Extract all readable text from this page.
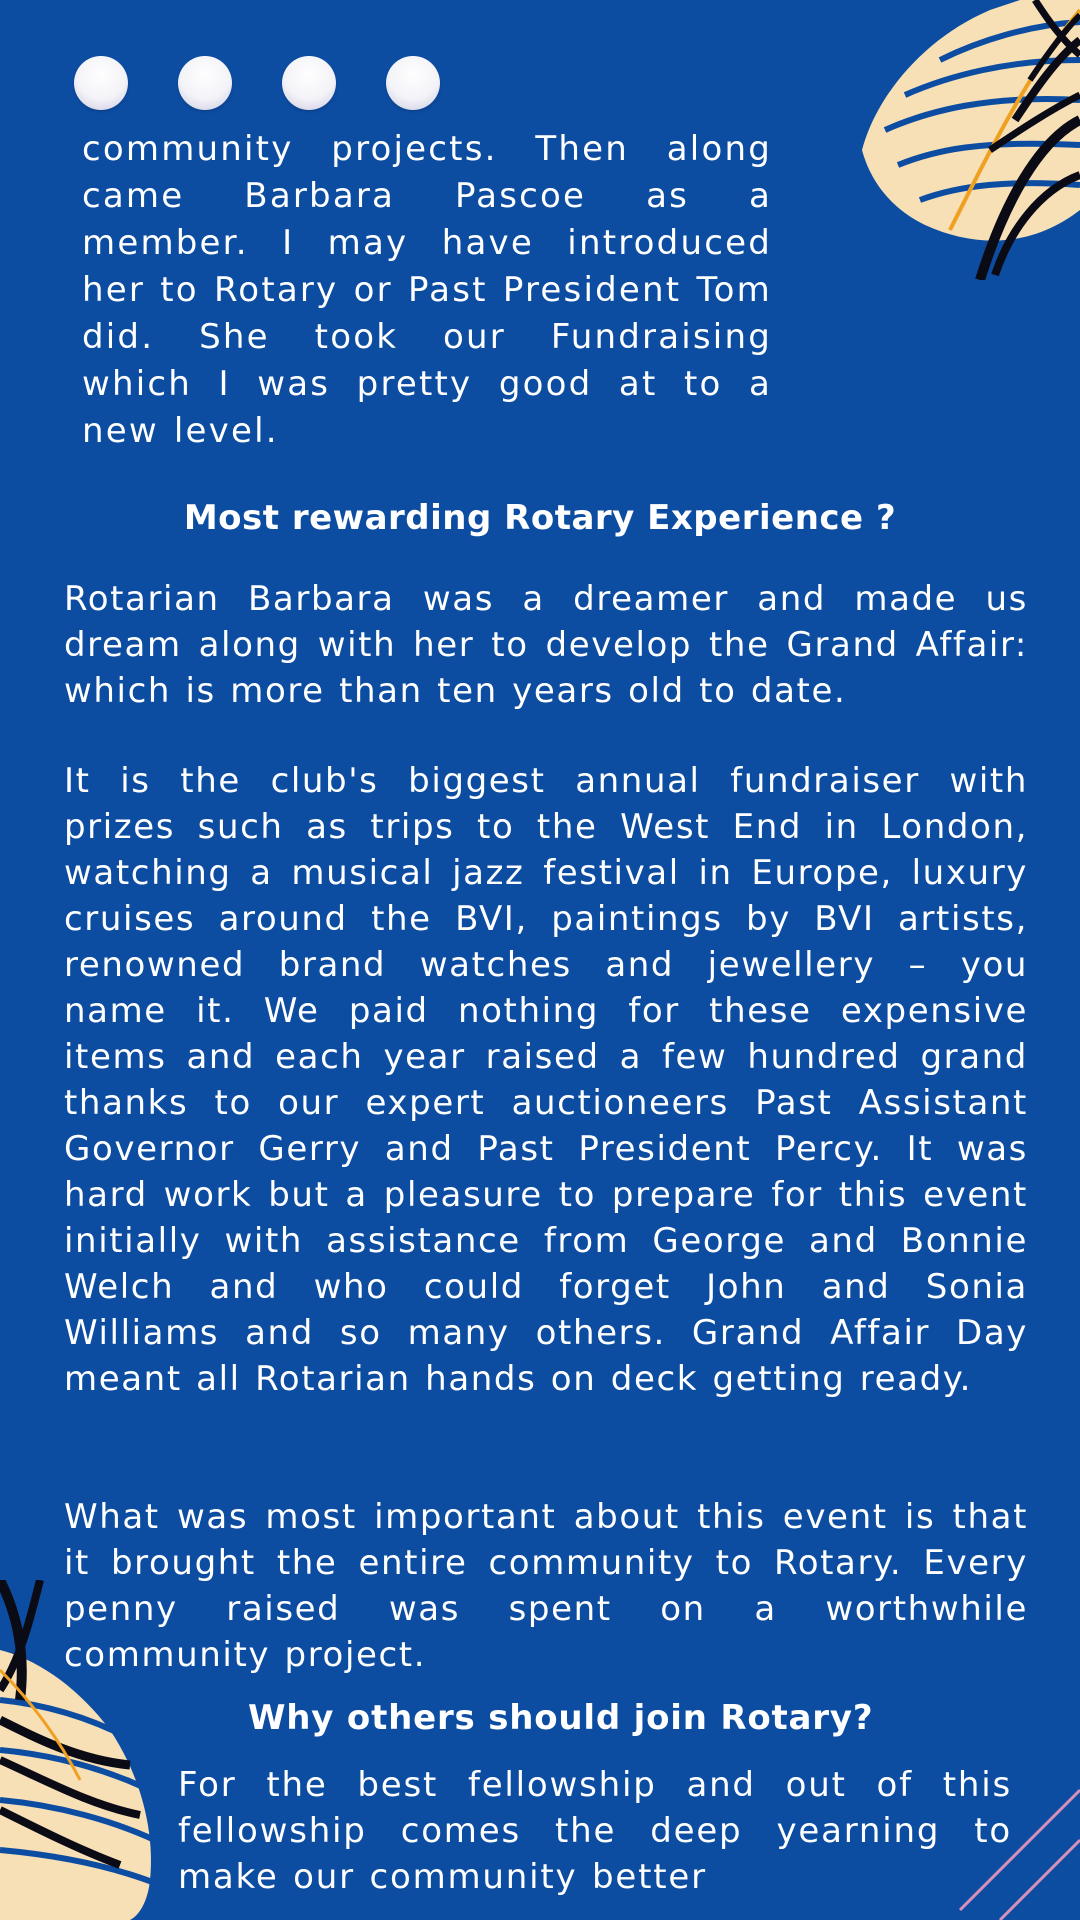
community projects. Then along came Barbara Pascoe as a member. I may have introduced her to Rotary or Past President Tom did. She took our Fundraising which I was pretty good at to a new level.
Most rewarding Rotary Experience ?
Rotarian Barbara was a dreamer and made us dream along with her to develop the Grand Affair: which is more than ten years old to date.
It is the club's biggest annual fundraiser with prizes such as trips to the West End in London, watching a musical jazz festival in Europe, luxury cruises around the BVI, paintings by BVI artists, renowned brand watches and jewellery – you name it. We paid nothing for these expensive items and each year raised a few hundred grand thanks to our expert auctioneers Past Assistant Governor Gerry and Past President Percy. It was hard work but a pleasure to prepare for this event initially with assistance from George and Bonnie Welch and who could forget John and Sonia Williams and so many others. Grand Affair Day meant all Rotarian hands on deck getting ready.
What was most important about this event is that it brought the entire community to Rotary. Every penny raised was spent on a worthwhile community project.
Why others should join Rotary?
For the best fellowship and out of this fellowship comes the deep yearning to make our community better
